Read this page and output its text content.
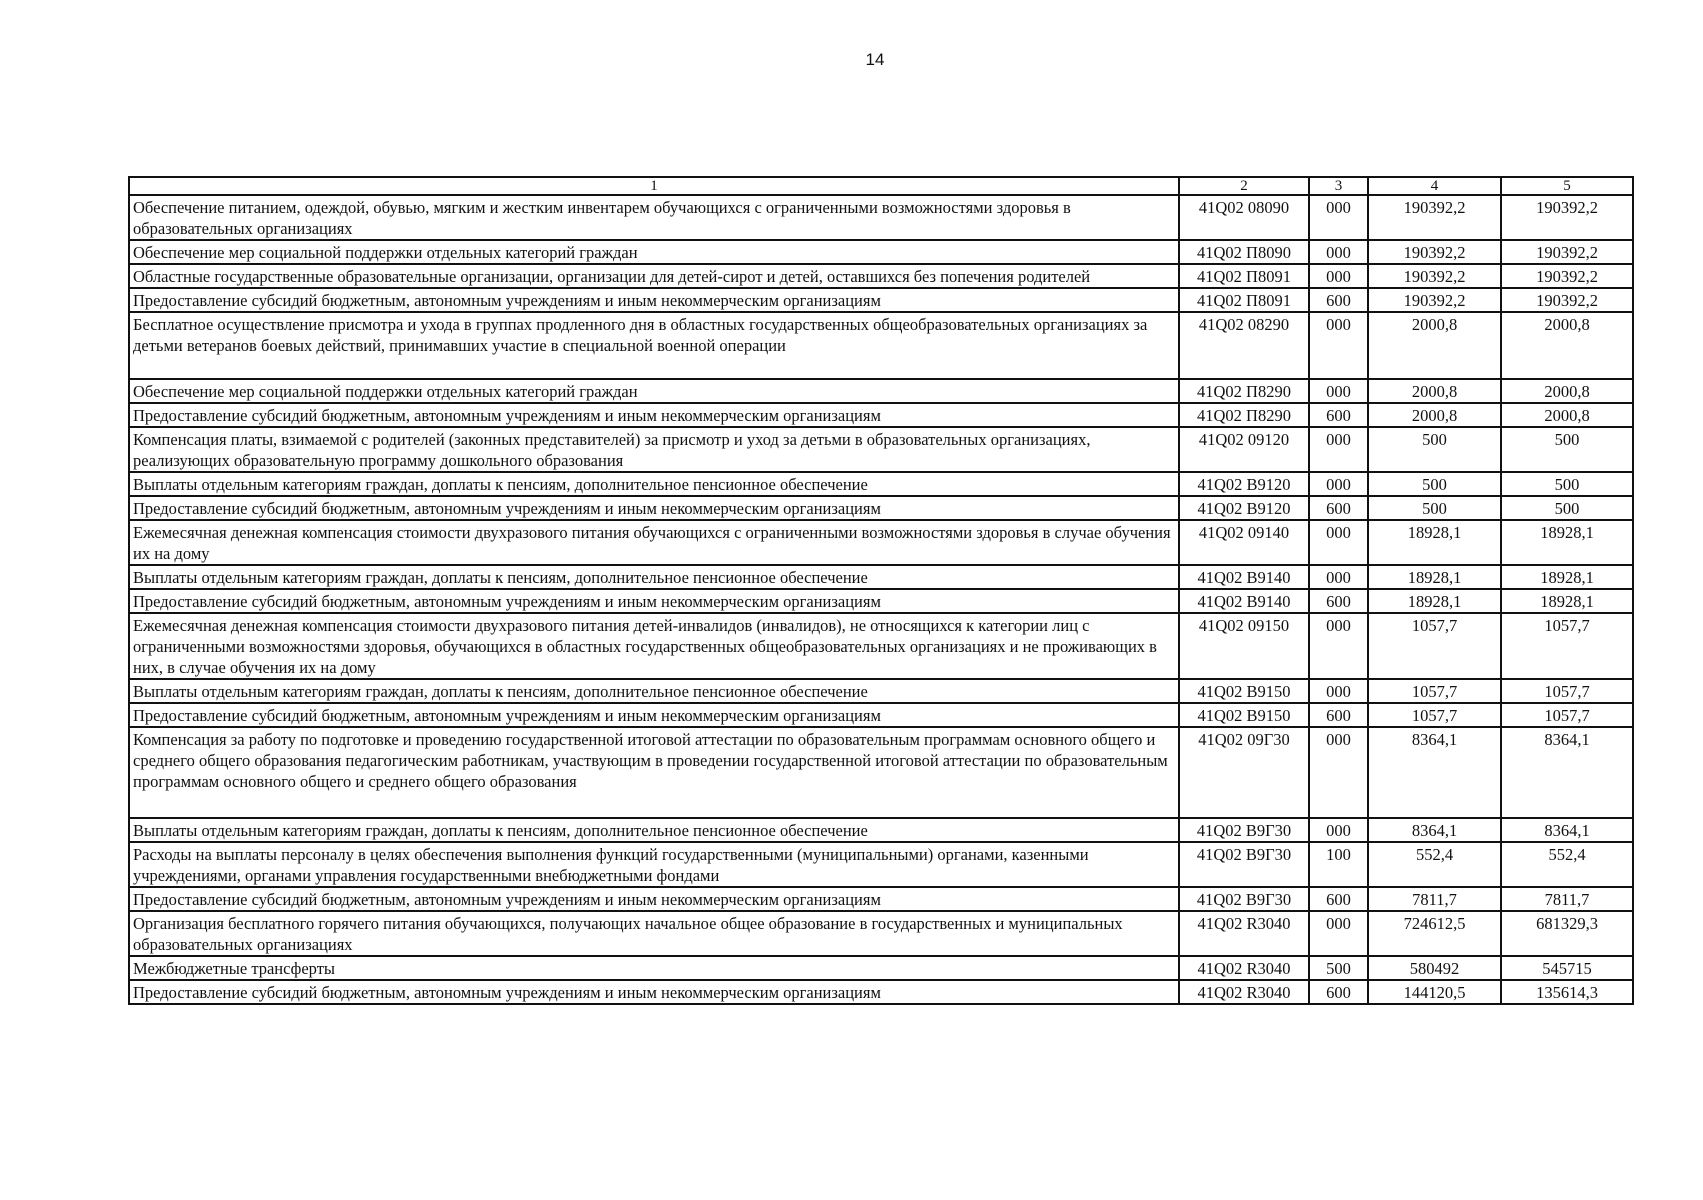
14
1	2	3	4	5
Обеспечение питанием, одеждой, обувью, мягким и жестким инвентарем обучающихся с ограниченными возможностями здоровья в образовательных организациях	41Q02 08090	000	190392,2	190392,2
Обеспечение мер социальной поддержки отдельных категорий граждан	41Q02 П8090	000	190392,2	190392,2
Областные государственные образовательные организации, организации для детей-сирот и детей, оставшихся без попечения родителей	41Q02 П8091	000	190392,2	190392,2
Предоставление субсидий бюджетным, автономным учреждениям и иным некоммерческим организациям	41Q02 П8091	600	190392,2	190392,2
Бесплатное осуществление присмотра и ухода в группах продленного дня в областных государственных общеобразовательных организациях за детьми ветеранов боевых действий, принимавших участие в специальной военной операции	41Q02 08290	000	2000,8	2000,8
Обеспечение мер социальной поддержки отдельных категорий граждан	41Q02 П8290	000	2000,8	2000,8
Предоставление субсидий бюджетным, автономным учреждениям и иным некоммерческим организациям	41Q02 П8290	600	2000,8	2000,8
Компенсация платы, взимаемой с родителей (законных представителей) за присмотр и уход за детьми в образовательных организациях, реализующих образовательную программу дошкольного образования	41Q02 09120	000	500	500
Выплаты отдельным категориям граждан, доплаты к пенсиям, дополнительное пенсионное обеспечение	41Q02 B9120	000	500	500
Предоставление субсидий бюджетным, автономным учреждениям и иным некоммерческим организациям	41Q02 B9120	600	500	500
Ежемесячная денежная компенсация стоимости двухразового питания обучающихся с ограниченными возможностями здоровья в случае обучения их на дому	41Q02 09140	000	18928,1	18928,1
Выплаты отдельным категориям граждан, доплаты к пенсиям, дополнительное пенсионное обеспечение	41Q02 B9140	000	18928,1	18928,1
Предоставление субсидий бюджетным, автономным учреждениям и иным некоммерческим организациям	41Q02 B9140	600	18928,1	18928,1
Ежемесячная денежная компенсация стоимости двухразового питания детей-инвалидов (инвалидов), не относящихся к категории лиц с ограниченными возможностями здоровья, обучающихся в областных государственных общеобразовательных организациях и не проживающих в них, в случае обучения их на дому	41Q02 09150	000	1057,7	1057,7
Выплаты отдельным категориям граждан, доплаты к пенсиям, дополнительное пенсионное обеспечение	41Q02 B9150	000	1057,7	1057,7
Предоставление субсидий бюджетным, автономным учреждениям и иным некоммерческим организациям	41Q02 B9150	600	1057,7	1057,7
Компенсация за работу по подготовке и проведению государственной итоговой аттестации по образовательным программам основного общего и среднего общего образования педагогическим работникам, участвующим в проведении государственной итоговой аттестации по образовательным программам основного общего и среднего общего образования	41Q02 09Г30	000	8364,1	8364,1
Выплаты отдельным категориям граждан, доплаты к пенсиям, дополнительное пенсионное обеспечение	41Q02 B9Г30	000	8364,1	8364,1
Расходы на выплаты персоналу в целях обеспечения выполнения функций государственными (муниципальными) органами, казенными учреждениями, органами управления государственными внебюджетными фондами	41Q02 B9Г30	100	552,4	552,4
Предоставление субсидий бюджетным, автономным учреждениям и иным некоммерческим организациям	41Q02 B9Г30	600	7811,7	7811,7
Организация бесплатного горячего питания обучающихся, получающих начальное общее образование в государственных и муниципальных образовательных организациях	41Q02 R3040	000	724612,5	681329,3
Межбюджетные трансферты	41Q02 R3040	500	580492	545715
Предоставление субсидий бюджетным, автономным учреждениям и иным некоммерческим организациям	41Q02 R3040	600	144120,5	135614,3
